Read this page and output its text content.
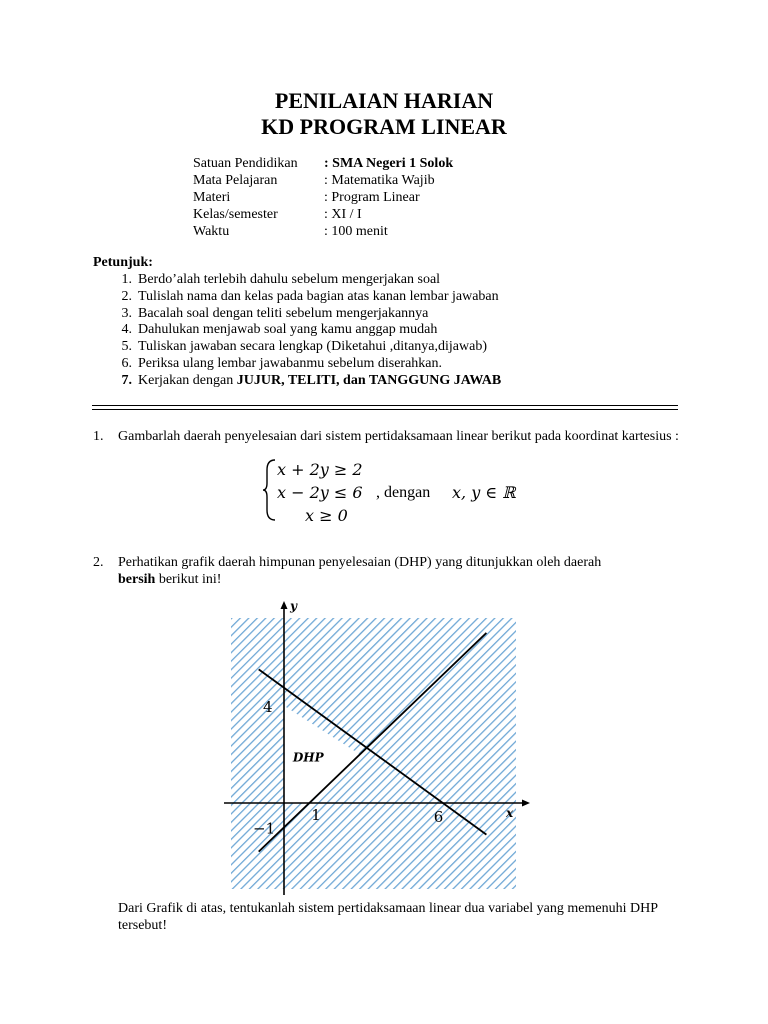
PENILAIAN HARIAN
KD PROGRAM LINEAR
Satuan Pendidikan : SMA Negeri 1 Solok
Mata Pelajaran	: Matematika Wajib
Materi	: Program Linear
Kelas/semester	: XI / I
Waktu	: 100 menit
Petunjuk:
1. Berdo’alah terlebih dahulu sebelum mengerjakan soal
2. Tulislah nama dan kelas pada bagian atas kanan lembar jawaban
3. Bacalah soal dengan teliti sebelum mengerjakannya
4. Dahulukan menjawab soal yang kamu anggap mudah
5. Tuliskan jawaban secara lengkap (Diketahui ,ditanya,dijawab)
6. Periksa ulang lembar jawabanmu sebelum diserahkan.
7. Kerjakan dengan JUJUR, TELITI, dan TANGGUNG JAWAB
1. Gambarlah daerah penyelesaian dari sistem pertidaksamaan linear berikut pada koordinat kartesius :
x + 2y ≥ 2
x − 2y ≤ 6
x ≥ 0
, dengan x, y ∈ ℝ
2. Perhatikan grafik daerah himpunan penyelesaian (DHP) yang ditunjukkan oleh daerah
bersih berikut ini!
x
y
1	6
4
−1
DHP
Dari Grafik di atas, tentukanlah sistem pertidaksamaan linear dua variabel yang memenuhi DHP tersebut!
